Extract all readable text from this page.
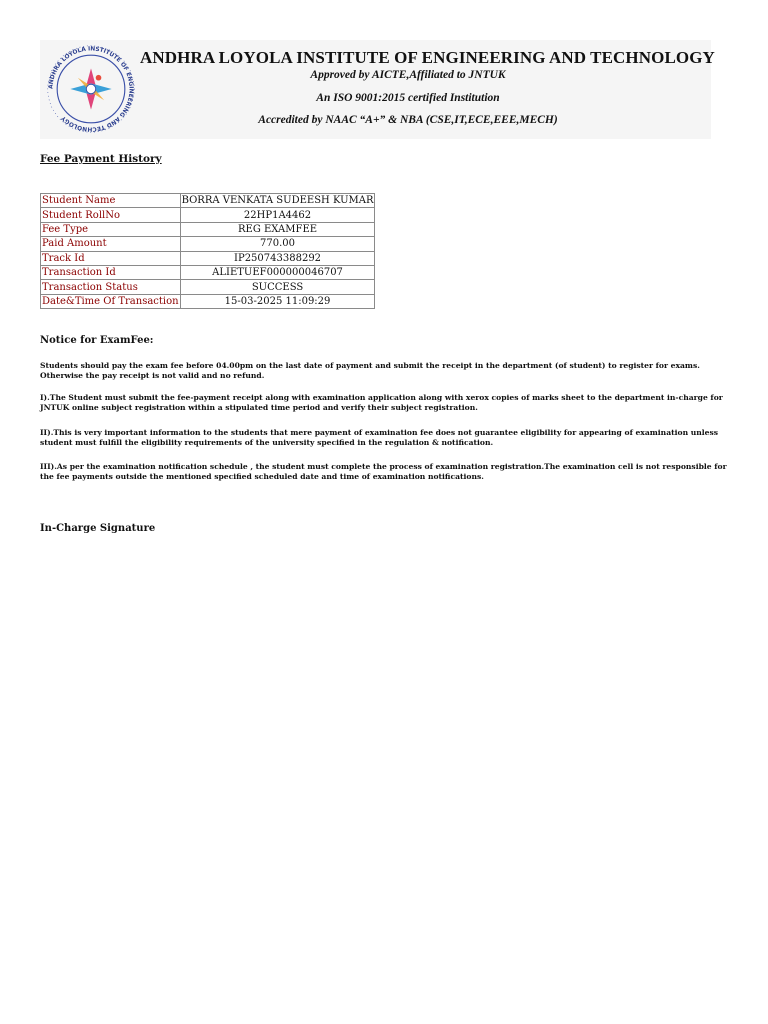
ANDHRA LOYOLA INSTITUTE OF ENGINEERING AND TECHNOLOGY
ANDHRA LOYOLA INSTITUTE OF ENGINEERING AND TECHNOLOGY
Approved by AICTE,Affiliated to JNTUK
An ISO 9001:2015 certified Institution
Accredited by NAAC “A+” & NBA (CSE,IT,ECE,EEE,MECH)
Fee Payment History
Student Name	BORRA VENKATA SUDEESH KUMAR
Student RollNo	22HP1A4462
Fee Type	REG EXAMFEE
Paid Amount	770.00
Track Id	IP250743388292
Transaction Id	ALIETUEF000000046707
Transaction Status	SUCCESS
Date&Time Of Transaction	15-03-2025 11:09:29
Notice for ExamFee:
Students should pay the exam fee before 04.00pm on the last date of payment and submit the receipt in the department (of student) to register for exams. Otherwise the pay receipt is not valid and no refund.
I).The Student must submit the fee-payment receipt along with examination application along with xerox copies of marks sheet to the department in-charge for JNTUK online subject registration within a stipulated time period and verify their subject registration.
II).This is very important information to the students that mere payment of examination fee does not guarantee eligibility for appearing of examination unless student must fulfill the eligibility requirements of the university specified in the regulation & notification.
III).As per the examination notification schedule , the student must complete the process of examination registration.The examination cell is not responsible for the fee payments outside the mentioned specified scheduled date and time of examination notifications.
In-Charge Signature
